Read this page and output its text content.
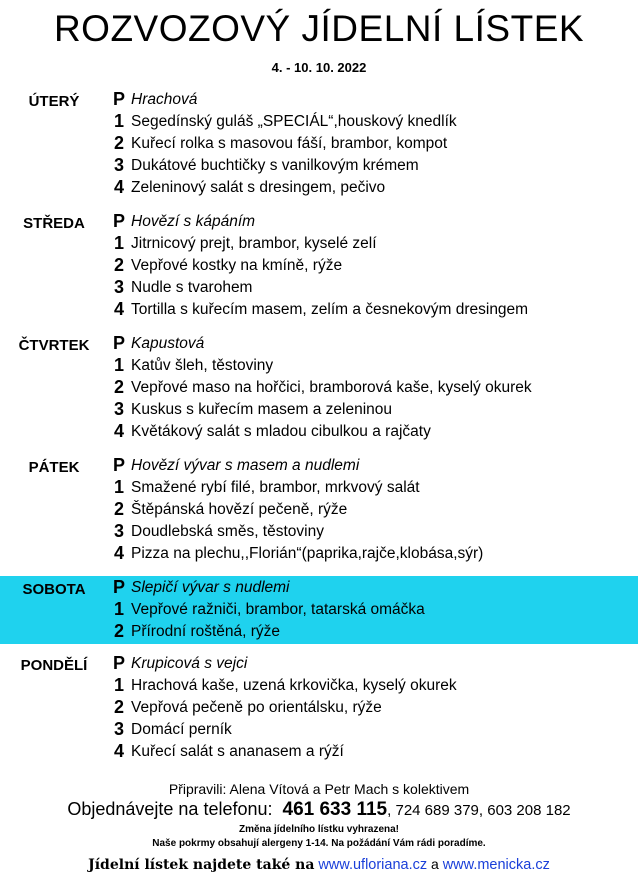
ROZVOZOVÝ JÍDELNÍ LÍSTEK
4. - 10. 10. 2022
ÚTERÝ	P Hrachová
1 Segedínský guláš „SPECIÁL“,houskový knedlík
2 Kuřecí rolka s masovou fáší, brambor, kompot
3 Dukátové buchtičky s vanilkovým krémem
4 Zeleninový salát s dresingem, pečivo
STŘEDA	P Hovězí s kápáním
1 Jitrnicový prejt, brambor, kyselé zelí
2 Vepřové kostky na kmíně, rýže
3 Nudle s tvarohem
4 Tortilla s kuřecím masem, zelím a česnekovým dresingem
ČTVRTEK	P Kapustová
1 Katův šleh, těstoviny
2 Vepřové maso na hořčici, bramborová kaše, kyselý okurek
3 Kuskus s kuřecím masem a zeleninou
4 Květákový salát s mladou cibulkou a rajčaty
PÁTEK	P Hovězí vývar s masem a nudlemi
1 Smažené rybí filé, brambor, mrkvový salát
2 Štěpánská hovězí pečeně, rýže
3 Doudlebská směs, těstoviny
4 Pizza na plechu,,Florián“(paprika,rajče,klobása,sýr)
SOBOTA	P Slepičí vývar s nudlemi
1 Vepřové ražniči, brambor, tatarská omáčka
2 Přírodní roštěná, rýže
PONDĚLÍ	P Krupicová s vejci
1 Hrachová kaše, uzená krkovička, kyselý okurek
2 Vepřová pečeně po orientálsku, rýže
3 Domácí perník
4 Kuřecí salát s ananasem a rýží
Připravili: Alena Vítová a Petr Mach s kolektivem
Objednávejte na telefonu: 461 633 115, 724 689 379, 603 208 182
Změna jídelního lístku vyhrazena!
Naše pokrmy obsahují alergeny 1-14. Na požádání Vám rádi poradíme.
Jídelní lístek najdete také na www.ufloriana.cz a www.menicka.cz
